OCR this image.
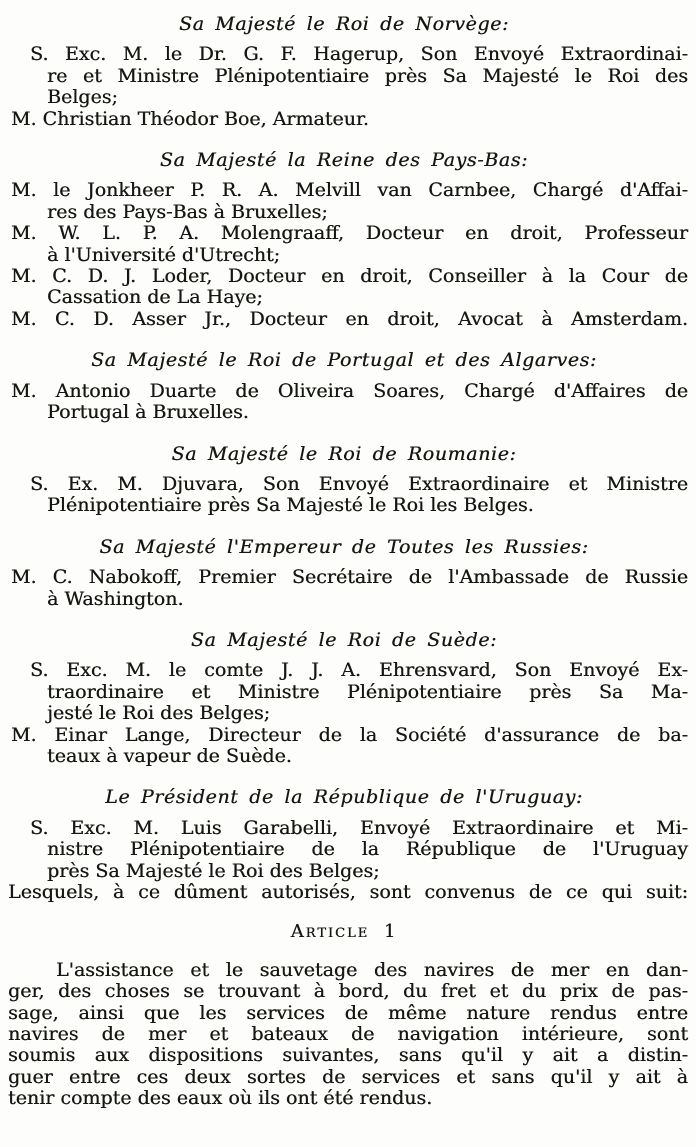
Sa Majesté le Roi de Norvège:
S. Exc. M. le Dr. G. F. Hagerup, Son Envoyé Extraordinai-
re et Ministre Plénipotentiaire près Sa Majesté le Roi des
Belges;
M. Christian Théodor Boe, Armateur.
Sa Majesté la Reine des Pays-Bas:
M. le Jonkheer P. R. A. Melvill van Carnbee, Chargé d'Affai-
res des Pays-Bas à Bruxelles;
M. W. L. P. A. Molengraaff, Docteur en droit, Professeur
à l'Université d'Utrecht;
M. C. D. J. Loder, Docteur en droit, Conseiller à la Cour de
Cassation de La Haye;
M. C. D. Asser Jr., Docteur en droit, Avocat à Amsterdam.
Sa Majesté le Roi de Portugal et des Algarves:
M. Antonio Duarte de Oliveira Soares, Chargé d'Affaires de
Portugal à Bruxelles.
Sa Majesté le Roi de Roumanie:
S. Ex. M. Djuvara, Son Envoyé Extraordinaire et Ministre
Plénipotentiaire près Sa Majesté le Roi les Belges.
Sa Majesté l'Empereur de Toutes les Russies:
M. C. Nabokoff, Premier Secrétaire de l'Ambassade de Russie
à Washington.
Sa Majesté le Roi de Suède:
S. Exc. M. le comte J. J. A. Ehrensvard, Son Envoyé Ex-
traordinaire et Ministre Plénipotentiaire près Sa Ma-
jesté le Roi des Belges;
M. Einar Lange, Directeur de la Société d'assurance de ba-
teaux à vapeur de Suède.
Le Président de la République de l'Uruguay:
S. Exc. M. Luis Garabelli, Envoyé Extraordinaire et Mi-
nistre Plénipotentiaire de la République de l'Uruguay
près Sa Majesté le Roi des Belges;
Lesquels, à ce dûment autorisés, sont convenus de ce qui suit:
Article 1
L'assistance et le sauvetage des navires de mer en dan-
ger, des choses se trouvant à bord, du fret et du prix de pas-
sage, ainsi que les services de même nature rendus entre
navires de mer et bateaux de navigation intérieure, sont
soumis aux dispositions suivantes, sans qu'il y ait a distin-
guer entre ces deux sortes de services et sans qu'il y ait à
tenir compte des eaux où ils ont été rendus.
